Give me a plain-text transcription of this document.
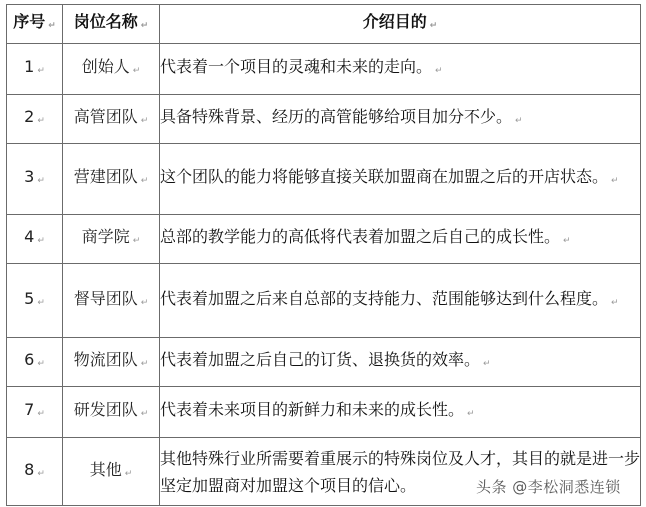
序号 ↵	岗位名称 ↵	介绍目的 ↵
1 ↵	创始人 ↵	代表着一个项目的灵魂和未来的走向。 ↵
2 ↵	高管团队 ↵	具备特殊背景、经历的高管能够给项目加分不少。 ↵
3 ↵	营建团队 ↵	这个团队的能力将能够直接关联加盟商在加盟之后的开店状态。 ↵
4 ↵	商学院 ↵	总部的教学能力的高低将代表着加盟之后自己的成长性。 ↵
5 ↵	督导团队 ↵	代表着加盟之后来自总部的支持能力、范围能够达到什么程度。 ↵
6 ↵	物流团队 ↵	代表着加盟之后自己的订货、退换货的效率。 ↵
7 ↵	研发团队 ↵	代表着未来项目的新鲜力和未来的成长性。 ↵
8 ↵	其他 ↵	其他特殊行业所需要着重展示的特殊岗位及人才，其目的就是进一步坚定加盟商对加盟这个项目的信心。	头条 @李松洞悉连锁
